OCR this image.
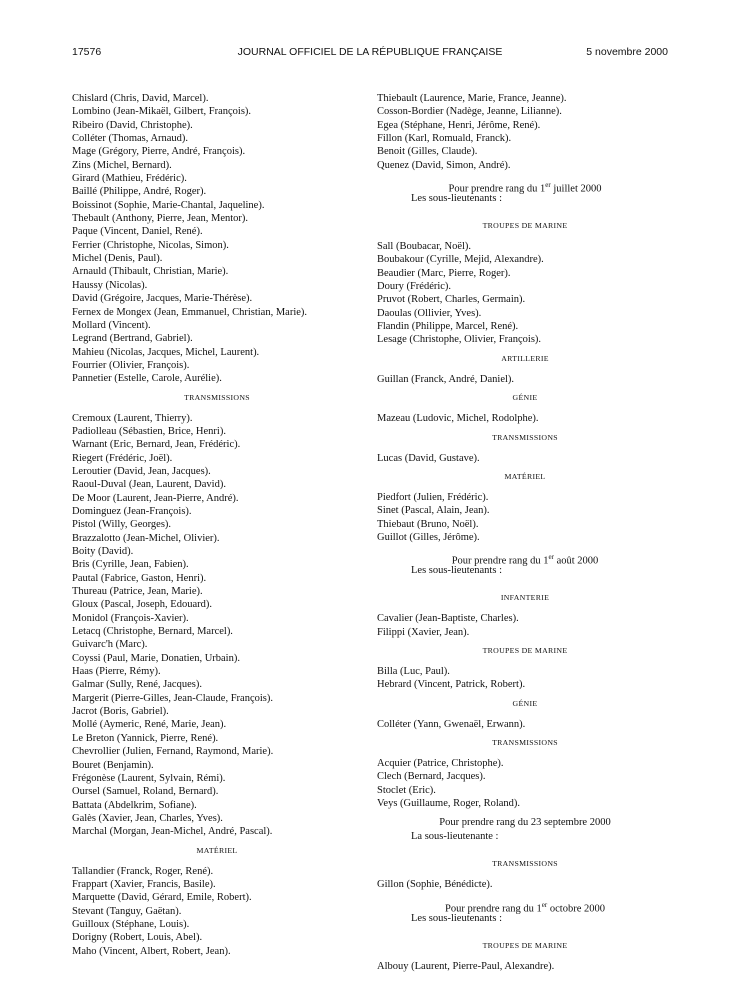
17576	JOURNAL OFFICIEL DE LA RÉPUBLIQUE FRANÇAISE	5 novembre 2000
Chislard (Chris, David, Marcel).
Lombino (Jean-Mikaël, Gilbert, François).
Ribeiro (David, Christophe).
Colléter (Thomas, Arnaud).
Mage (Grégory, Pierre, André, François).
Zins (Michel, Bernard).
Girard (Mathieu, Frédéric).
Baillé (Philippe, André, Roger).
Boissinot (Sophie, Marie-Chantal, Jaqueline).
Thebault (Anthony, Pierre, Jean, Mentor).
Paque (Vincent, Daniel, René).
Ferrier (Christophe, Nicolas, Simon).
Michel (Denis, Paul).
Arnauld (Thibault, Christian, Marie).
Haussy (Nicolas).
David (Grégoire, Jacques, Marie-Thérèse).
Fernex de Mongex (Jean, Emmanuel, Christian, Marie).
Mollard (Vincent).
Legrand (Bertrand, Gabriel).
Mahieu (Nicolas, Jacques, Michel, Laurent).
Fourrier (Olivier, François).
Pannetier (Estelle, Carole, Aurélie).
TRANSMISSIONS
Cremoux (Laurent, Thierry).
Padiolleau (Sébastien, Brice, Henri).
Warnant (Eric, Bernard, Jean, Frédéric).
Riegert (Frédéric, Joël).
Leroutier (David, Jean, Jacques).
Raoul-Duval (Jean, Laurent, David).
De Moor (Laurent, Jean-Pierre, André).
Dominguez (Jean-François).
Pistol (Willy, Georges).
Brazzalotto (Jean-Michel, Olivier).
Boity (David).
Bris (Cyrille, Jean, Fabien).
Pautal (Fabrice, Gaston, Henri).
Thureau (Patrice, Jean, Marie).
Gloux (Pascal, Joseph, Edouard).
Monidol (François-Xavier).
Letacq (Christophe, Bernard, Marcel).
Guivarc'h (Marc).
Coyssi (Paul, Marie, Donatien, Urbain).
Haas (Pierre, Rémy).
Galmar (Sully, René, Jacques).
Margerit (Pierre-Gilles, Jean-Claude, François).
Jacrot (Boris, Gabriel).
Mollé (Aymeric, René, Marie, Jean).
Le Breton (Yannick, Pierre, René).
Chevrollier (Julien, Fernand, Raymond, Marie).
Bouret (Benjamin).
Frégonèse (Laurent, Sylvain, Rémi).
Oursel (Samuel, Roland, Bernard).
Battata (Abdelkrim, Sofiane).
Galès (Xavier, Jean, Charles, Yves).
Marchal (Morgan, Jean-Michel, André, Pascal).
MATÉRIEL
Tallandier (Franck, Roger, René).
Frappart (Xavier, Francis, Basile).
Marquette (David, Gérard, Emile, Robert).
Stevant (Tanguy, Gaëtan).
Guilloux (Stéphane, Louis).
Dorigny (Robert, Louis, Abel).
Maho (Vincent, Albert, Robert, Jean).
Thiebault (Laurence, Marie, France, Jeanne).
Cosson-Bordier (Nadège, Jeanne, Lilianne).
Egea (Stéphane, Henri, Jérôme, René).
Fillon (Karl, Romuald, Franck).
Benoit (Gilles, Claude).
Quenez (David, Simon, André).
Pour prendre rang du 1er juillet 2000
Les sous-lieutenants :
TROUPES DE MARINE
Sall (Boubacar, Noël).
Boubakour (Cyrille, Mejid, Alexandre).
Beaudier (Marc, Pierre, Roger).
Doury (Frédéric).
Pruvot (Robert, Charles, Germain).
Daoulas (Ollivier, Yves).
Flandin (Philippe, Marcel, René).
Lesage (Christophe, Olivier, François).
ARTILLERIE
Guillan (Franck, André, Daniel).
GÉNIE
Mazeau (Ludovic, Michel, Rodolphe).
TRANSMISSIONS
Lucas (David, Gustave).
MATÉRIEL
Piedfort (Julien, Frédéric).
Sinet (Pascal, Alain, Jean).
Thiebaut (Bruno, Noël).
Guillot (Gilles, Jérôme).
Pour prendre rang du 1er août 2000
Les sous-lieutenants :
INFANTERIE
Cavalier (Jean-Baptiste, Charles).
Filippi (Xavier, Jean).
TROUPES DE MARINE
Billa (Luc, Paul).
Hebrard (Vincent, Patrick, Robert).
GÉNIE
Colléter (Yann, Gwenaël, Erwann).
TRANSMISSIONS
Acquier (Patrice, Christophe).
Clech (Bernard, Jacques).
Stoclet (Eric).
Veys (Guillaume, Roger, Roland).
Pour prendre rang du 23 septembre 2000
La sous-lieutenante :
TRANSMISSIONS
Gillon (Sophie, Bénédicte).
Pour prendre rang du 1er octobre 2000
Les sous-lieutenants :
TROUPES DE MARINE
Albouy (Laurent, Pierre-Paul, Alexandre).
